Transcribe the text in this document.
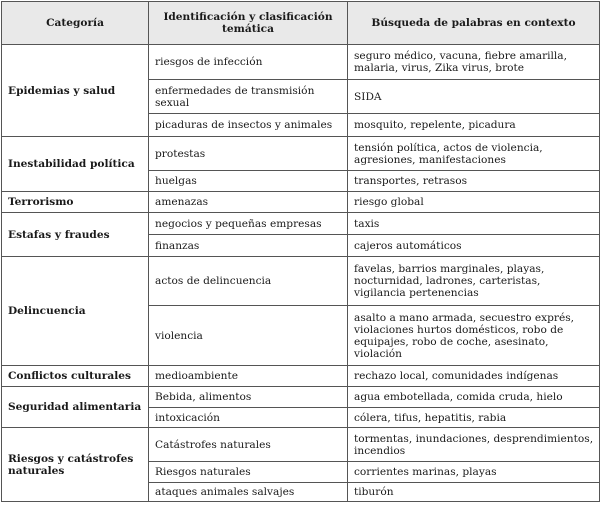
Categoría	Identificación y clasificación temática	Búsqueda de palabras en contexto
Epidemias y salud	riesgos de infección	seguro médico, vacuna, fiebre amarilla, malaria, virus, Zika virus, brote
	enfermedades de transmisión sexual	SIDA
	picaduras de insectos y animales	mosquito, repelente, picadura
Inestabilidad política	protestas	tensión política, actos de violencia, agresiones, manifestaciones
	huelgas	transportes, retrasos
Terrorismo	amenazas	riesgo global
Estafas y fraudes	negocios y pequeñas empresas	taxis
	finanzas	cajeros automáticos
Delincuencia	actos de delincuencia	favelas, barrios marginales, playas, nocturnidad, ladrones, carteristas, vigilancia pertenencias
	violencia	asalto a mano armada, secuestro exprés, violaciones hurtos domésticos, robo de equipajes, robo de coche, asesinato, violación
Conflictos culturales	medioambiente	rechazo local, comunidades indígenas
Seguridad alimentaria	Bebida, alimentos	agua embotellada, comida cruda, hielo
	intoxicación	cólera, tifus, hepatitis, rabia
Riesgos y catástrofes naturales	Catástrofes naturales	tormentas, inundaciones, desprendimientos, incendios
	Riesgos naturales	corrientes marinas, playas
	ataques animales salvajes	tiburón
